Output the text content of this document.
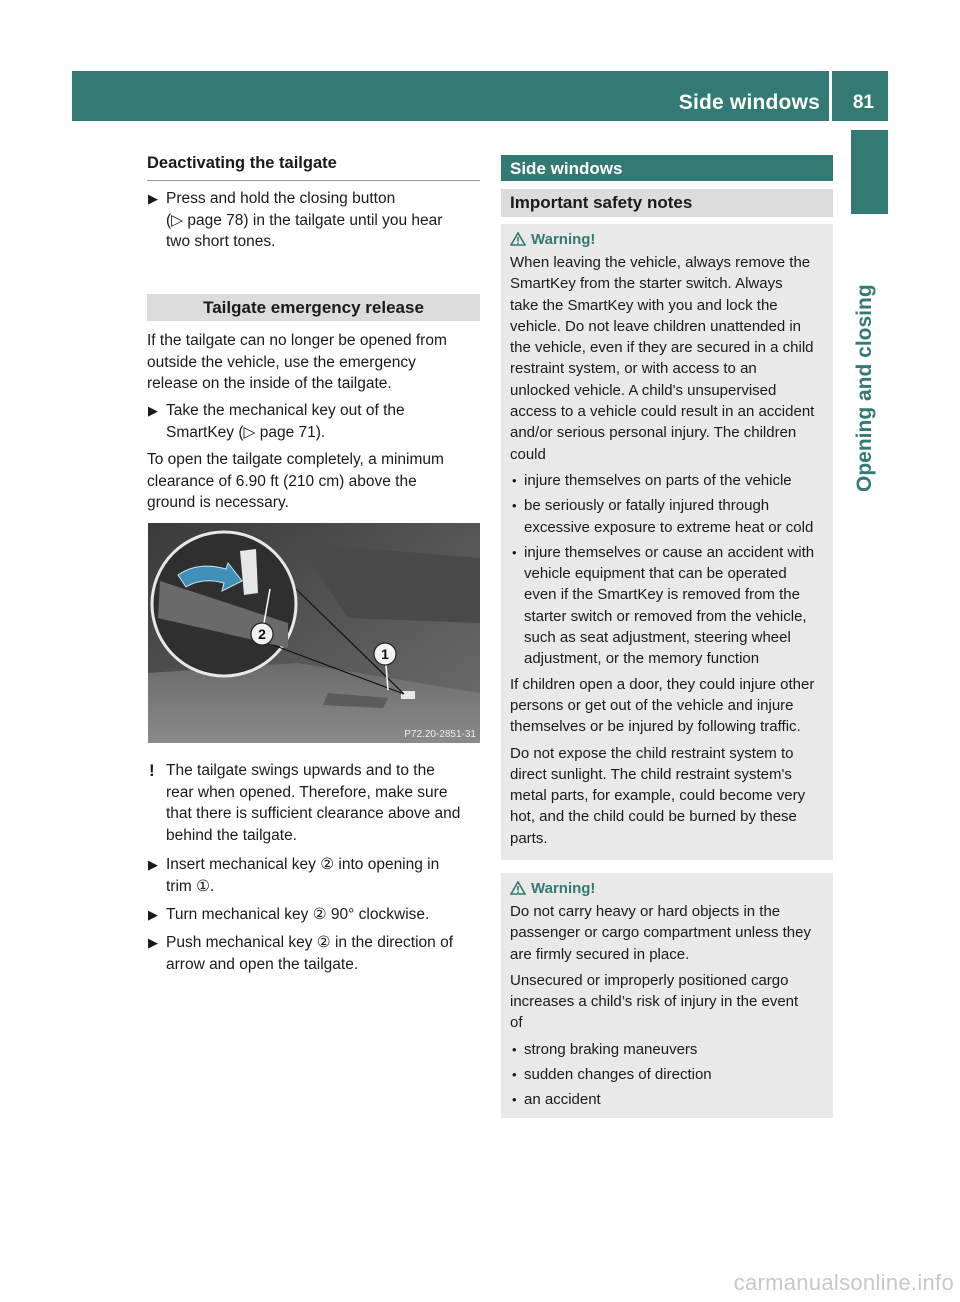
Side windows 81
Opening and closing
Deactivating the tailgate
▶ Press and hold the closing button
(▷ page 78) in the tailgate until you hear
two short tones.
Tailgate emergency release
If the tailgate can no longer be opened from
outside the vehicle, use the emergency
release on the inside of the tailgate.
▶ Take the mechanical key out of the
SmartKey (▷ page 71).
To open the tailgate completely, a minimum
clearance of 6.90 ft (210 cm) above the
ground is necessary.
2
1
P72.20-2851-31
! The tailgate swings upwards and to the
rear when opened. Therefore, make sure
that there is sufficient clearance above and
behind the tailgate.
▶ Insert mechanical key ② into opening in
trim ①.
▶ Turn mechanical key ② 90° clockwise.
▶ Push mechanical key ② in the direction of
arrow and open the tailgate.
Side windows
Important safety notes
Warning!
When leaving the vehicle, always remove the
SmartKey from the starter switch. Always
take the SmartKey with you and lock the
vehicle. Do not leave children unattended in
the vehicle, even if they are secured in a child
restraint system, or with access to an
unlocked vehicle. A child's unsupervised
access to a vehicle could result in an accident
and/or serious personal injury. The children
could
• injure themselves on parts of the vehicle
• be seriously or fatally injured through
excessive exposure to extreme heat or cold
• injure themselves or cause an accident with
vehicle equipment that can be operated
even if the SmartKey is removed from the
starter switch or removed from the vehicle,
such as seat adjustment, steering wheel
adjustment, or the memory function
If children open a door, they could injure other
persons or get out of the vehicle and injure
themselves or be injured by following traffic.
Do not expose the child restraint system to
direct sunlight. The child restraint system's
metal parts, for example, could become very
hot, and the child could be burned by these
parts.
Warning!
Do not carry heavy or hard objects in the
passenger or cargo compartment unless they
are firmly secured in place.
Unsecured or improperly positioned cargo
increases a child’s risk of injury in the event
of
• strong braking maneuvers
• sudden changes of direction
• an accident
carmanualsonline.info
